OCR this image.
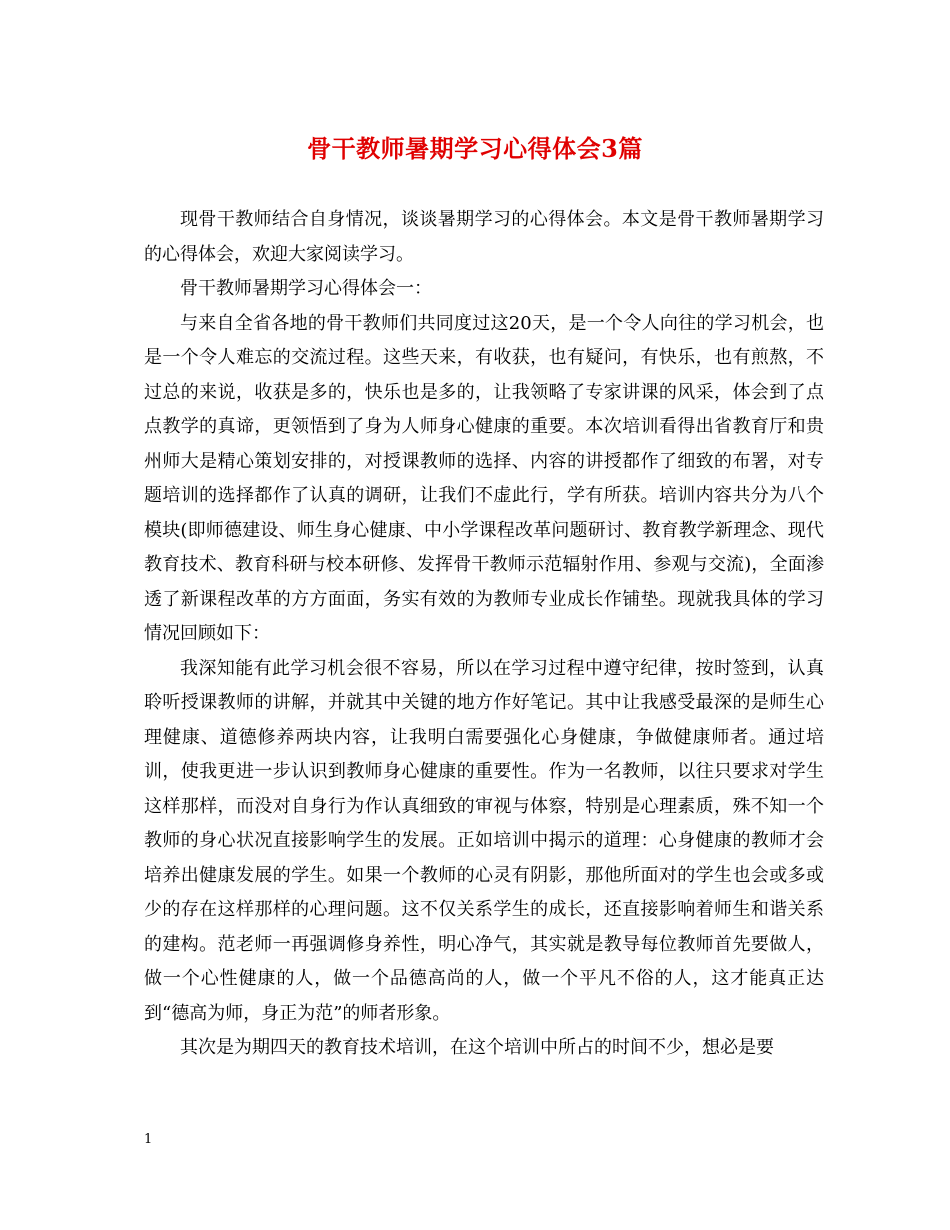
骨干教师暑期学习心得体会3篇

现骨干教师结合自身情况，谈谈暑期学习的心得体会。本文是骨干教师暑期学习的心得体会，欢迎大家阅读学习。

骨干教师暑期学习心得体会一：

与来自全省各地的骨干教师们共同度过这20天，是一个令人向往的学习机会，也是一个令人难忘的交流过程。这些天来，有收获，也有疑问，有快乐，也有煎熬，不过总的来说，收获是多的，快乐也是多的，让我领略了专家讲课的风采，体会到了点点教学的真谛，更领悟到了身为人师身心健康的重要。本次培训看得出省教育厅和贵州师大是精心策划安排的，对授课教师的选择、内容的讲授都作了细致的布署，对专题培训的选择都作了认真的调研，让我们不虚此行，学有所获。培训内容共分为八个模块(即师德建设、师生身心健康、中小学课程改革问题研讨、教育教学新理念、现代教育技术、教育科研与校本研修、发挥骨干教师示范辐射作用、参观与交流)，全面渗透了新课程改革的方方面面，务实有效的为教师专业成长作铺垫。现就我具体的学习情况回顾如下：

我深知能有此学习机会很不容易，所以在学习过程中遵守纪律，按时签到，认真聆听授课教师的讲解，并就其中关键的地方作好笔记。其中让我感受最深的是师生心理健康、道德修养两块内容，让我明白需要强化心身健康，争做健康师者。通过培训，使我更进一步认识到教师身心健康的重要性。作为一名教师，以往只要求对学生这样那样，而没对自身行为作认真细致的审视与体察，特别是心理素质，殊不知一个教师的身心状况直接影响学生的发展。正如培训中揭示的道理：心身健康的教师才会培养出健康发展的学生。如果一个教师的心灵有阴影，那他所面对的学生也会或多或少的存在这样那样的心理问题。这不仅关系学生的成长，还直接影响着师生和谐关系的建构。范老师一再强调修身养性，明心净气，其实就是教导每位教师首先要做人，做一个心性健康的人，做一个品德高尚的人，做一个平凡不俗的人，这才能真正达到“德高为师，身正为范”的师者形象。

其次是为期四天的教育技术培训，在这个培训中所占的时间不少，想必是要

1
